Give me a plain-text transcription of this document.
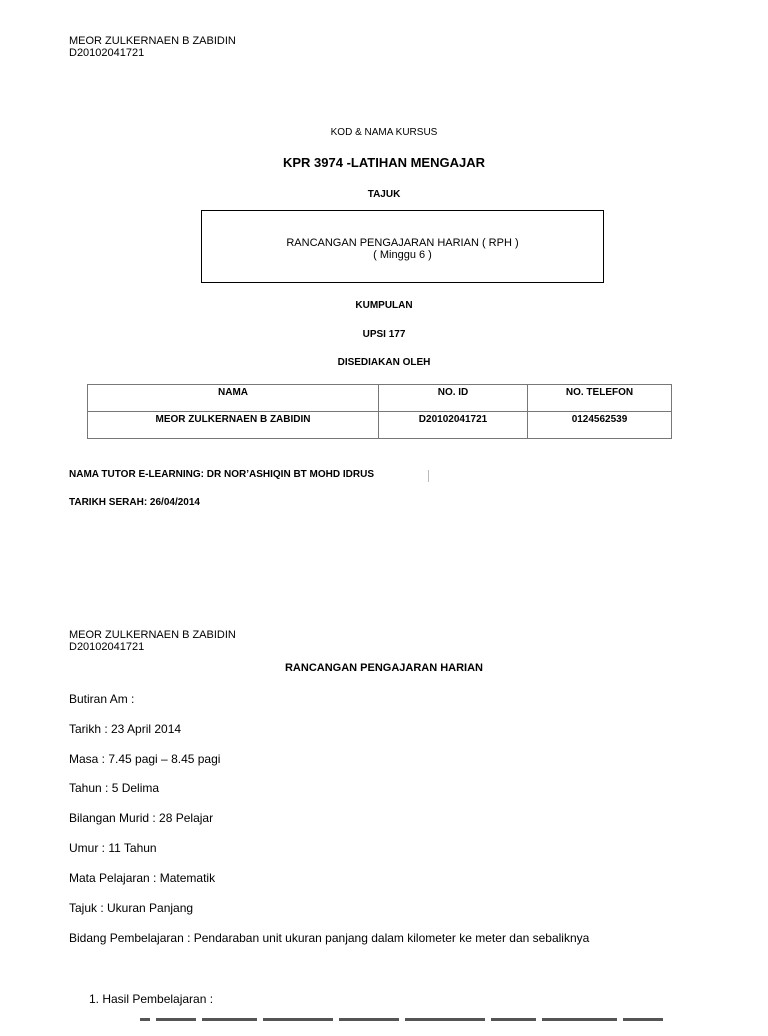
MEOR ZULKERNAEN B ZABIDIN
D20102041721
KOD & NAMA KURSUS
KPR 3974 -LATIHAN MENGAJAR
TAJUK
RANCANGAN PENGAJARAN HARIAN ( RPH )
( Minggu 6 )
KUMPULAN
UPSI 177
DISEDIAKAN OLEH
NAMA	NO. ID	NO. TELEFON

MEOR ZULKERNAEN B ZABIDIN	D20102041721	0124562539
NAMA TUTOR E-LEARNING: DR NOR’ASHIQIN BT MOHD IDRUS
TARIKH SERAH: 26/04/2014
MEOR ZULKERNAEN B ZABIDIN
D20102041721
RANCANGAN PENGAJARAN HARIAN
Butiran Am :
Tarikh : 23 April 2014
Masa : 7.45 pagi – 8.45 pagi
Tahun : 5 Delima
Bilangan Murid : 28 Pelajar
Umur : 11 Tahun
Mata Pelajaran : Matematik
Tajuk : Ukuran Panjang
Bidang Pembelajaran : Pendaraban unit ukuran panjang dalam kilometer ke meter dan sebaliknya
1. Hasil Pembelajaran :
